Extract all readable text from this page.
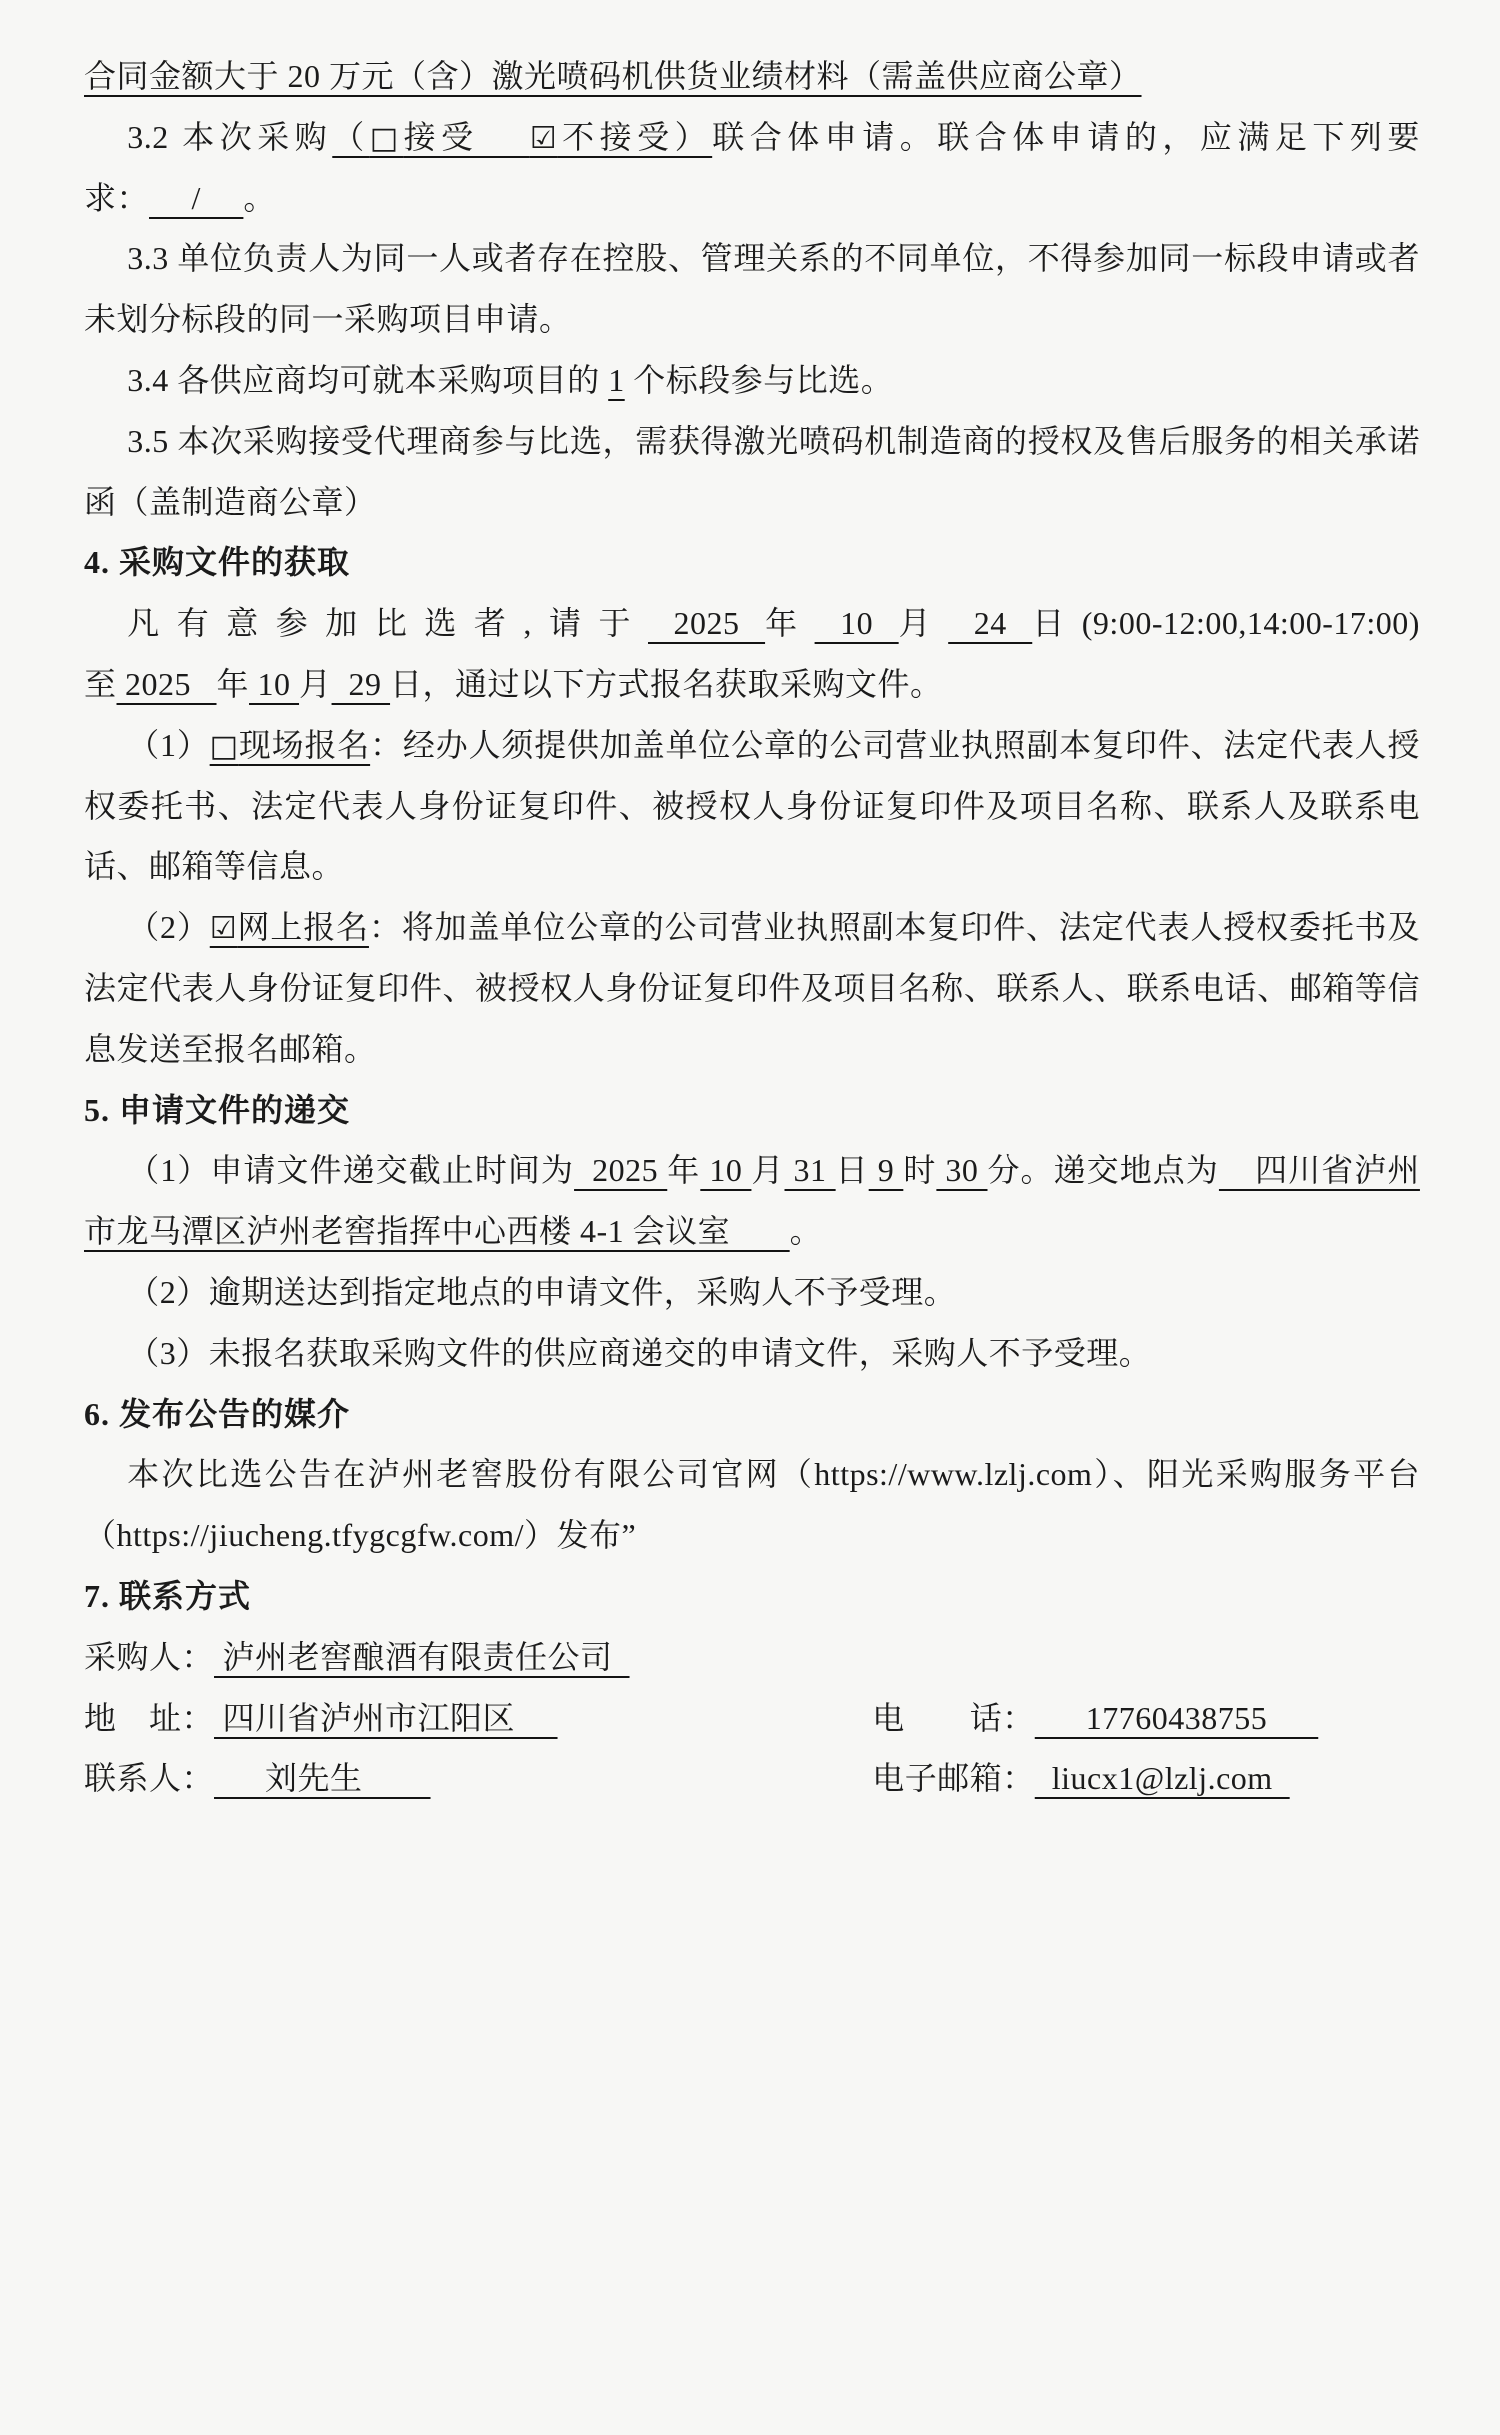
合同金额大于 20 万元（含）激光喷码机供货业绩材料（需盖供应商公章）
3.2 本次采购（□接受　 ☑不接受）联合体申请。联合体申请的，应满足下列要求：     /     。
3.3 单位负责人为同一人或者存在控股、管理关系的不同单位，不得参加同一标段申请或者未划分标段的同一采购项目申请。
3.4 各供应商均可就本采购项目的 1 个标段参与比选。
3.5 本次采购接受代理商参与比选，需获得激光喷码机制造商的授权及售后服务的相关承诺函（盖制造商公章）
4. 采购文件的获取
凡有意参加比选者,请于 2025 年 10 月 24 日(9:00-12:00,14:00-17:00)至 2025   年 10 月  29 日，通过以下方式报名获取采购文件。
（1）□现场报名：经办人须提供加盖单位公章的公司营业执照副本复印件、法定代表人授权委托书、法定代表人身份证复印件、被授权人身份证复印件及项目名称、联系人及联系电话、邮箱等信息。
（2）☑网上报名：将加盖单位公章的公司营业执照副本复印件、法定代表人授权委托书及法定代表人身份证复印件、被授权人身份证复印件及项目名称、联系人、联系电话、邮箱等信息发送至报名邮箱。
5. 申请文件的递交
（1）申请文件递交截止时间为  2025 年 10 月 31 日 9 时 30 分。递交地点为    四川省泸州市龙马潭区泸州老窖指挥中心西楼 4-1 会议室       。
（2）逾期送达到指定地点的申请文件，采购人不予受理。
（3）未报名获取采购文件的供应商递交的申请文件，采购人不予受理。
6. 发布公告的媒介
本次比选公告在泸州老窖股份有限公司官网（https://www.lzlj.com）、阳光采购服务平台（https://jiucheng.tfygcgfw.com/）发布”
7. 联系方式
采购人： 泸州老窖酿酒有限责任公司
地　址： 四川省泸州市江阳区	电　　话：      17760438755
联系人：      刘先生	电子邮箱：  liucx1@lzlj.com
